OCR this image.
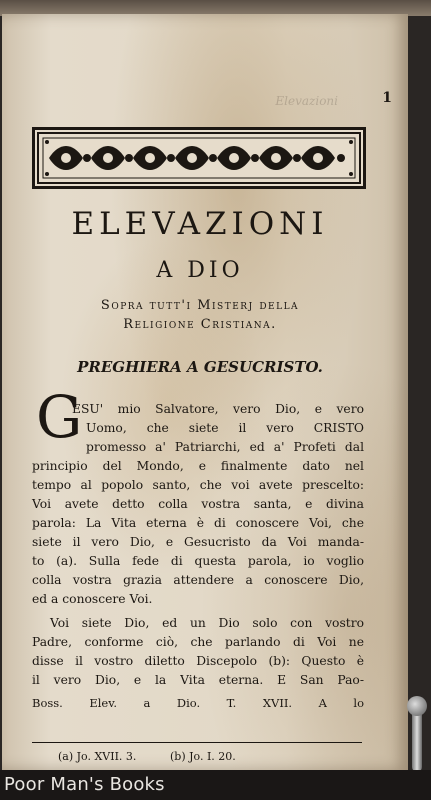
Elevazioni	1
ELEVAZIONI
A DIO
Sopra tutt'i Misterj della
Religione Cristiana.
PREGHIERA A GESUCRISTO.
G
ESU' mio Salvatore, vero Dio, e vero
Uomo, che siete il vero CRISTO
promesso a' Patriarchi, ed a' Profeti dal
principio del Mondo, e finalmente dato nel
tempo al popolo santo, che voi avete prescelto:
Voi avete detto colla vostra santa, e divina
parola: La Vita eterna è di conoscere Voi, che
siete il vero Dio, e Gesucristo da Voi manda-
to (a). Sulla fede di questa parola, io voglio
colla vostra grazia attendere a conoscere Dio,
ed a conoscere Voi.
Voi siete Dio, ed un Dio solo con vostro
Padre, conforme ciò, che parlando di Voi ne
disse il vostro diletto Discepolo (b): Questo è
il vero Dio, e la Vita eterna. E San Pao-
Boss. Elev. a Dio. T. XVII. A lo
(a) Jo. XVII. 3.	(b) Jo. I. 20.
Poor Man's Books
